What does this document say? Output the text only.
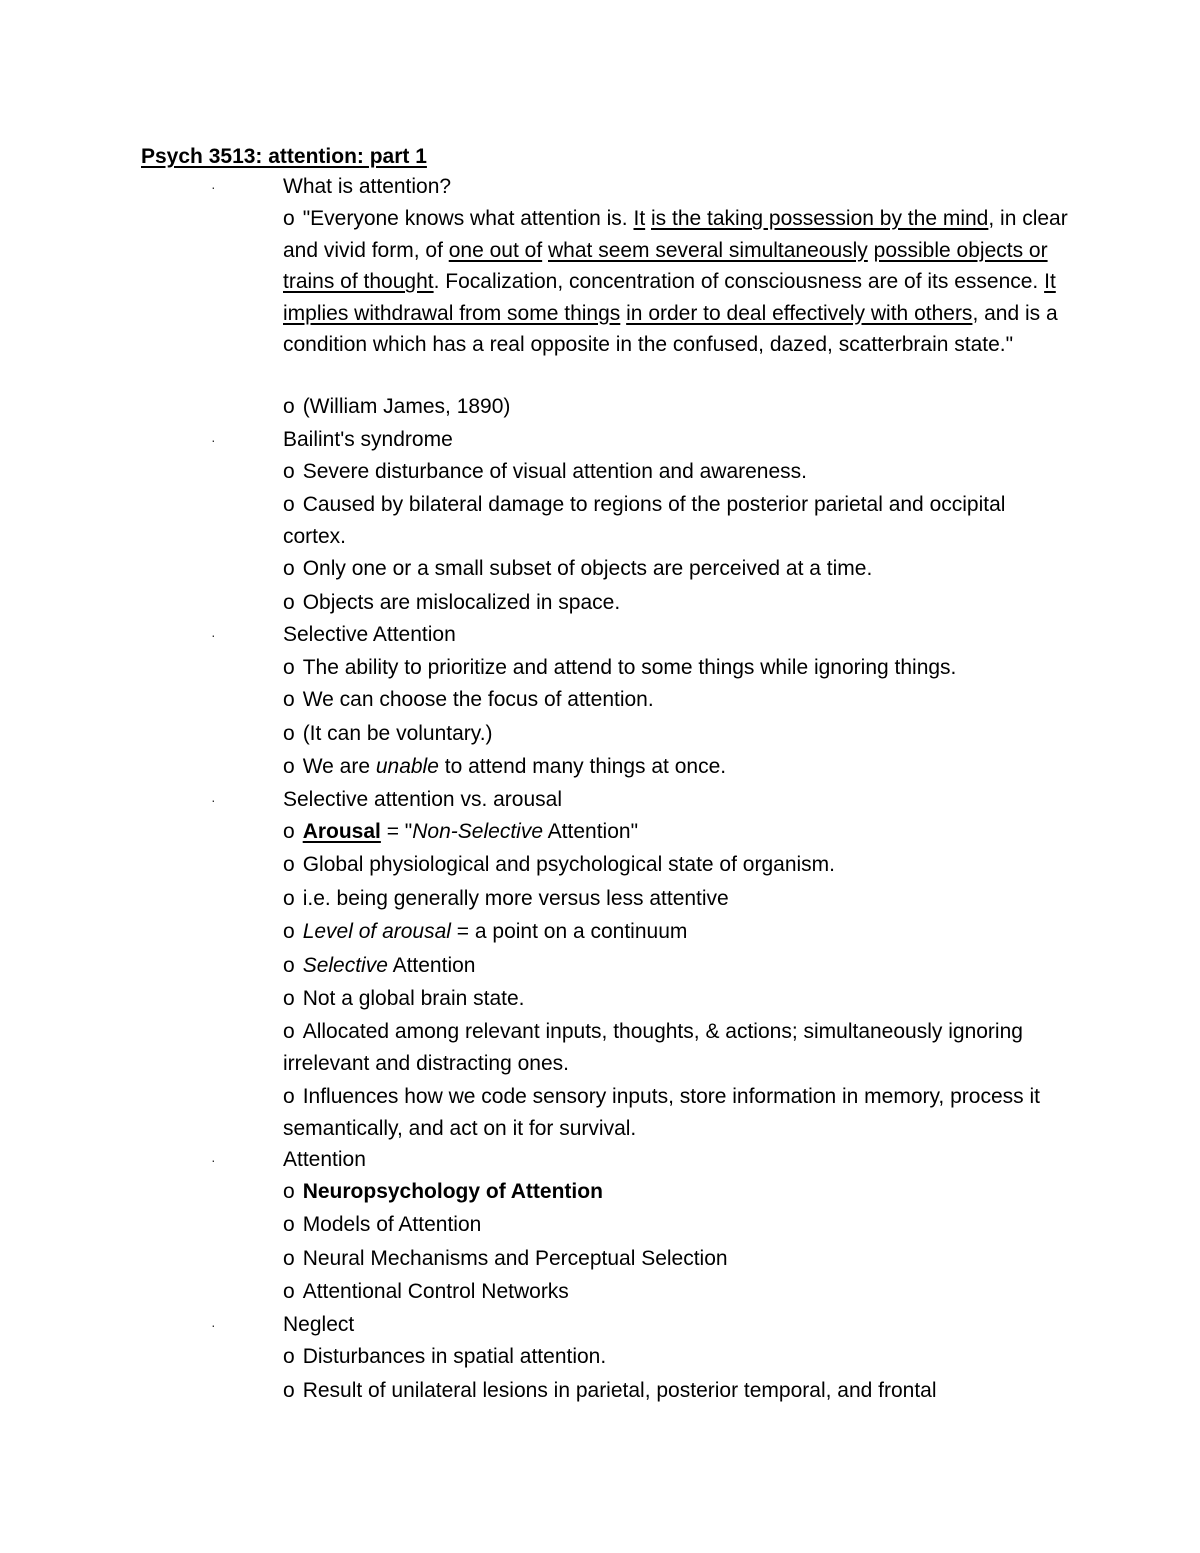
Psych 3513: attention: part 1
·	What is attention?
o "Everyone knows what attention is. It is the taking possession by the mind, in clear and vivid form, of one out of what seem several simultaneously possible objects or trains of thought. Focalization, concentration of consciousness are of its essence. It implies withdrawal from some things in order to deal effectively with others, and is a condition which has a real opposite in the confused, dazed, scatterbrain state."
o (William James, 1890)
·	Bailint's syndrome
o Severe disturbance of visual attention and awareness.
o Caused by bilateral damage to regions of the posterior parietal and occipital cortex.
o Only one or a small subset of objects are perceived at a time.
o Objects are mislocalized in space.
·	Selective Attention
o The ability to prioritize and attend to some things while ignoring things.
o We can choose the focus of attention.
o (It can be voluntary.)
o We are unable to attend many things at once.
·	Selective attention vs. arousal
o Arousal = "Non-Selective Attention"
o Global physiological and psychological state of organism.
o i.e. being generally more versus less attentive
o Level of arousal = a point on a continuum
o Selective Attention
o Not a global brain state.
o Allocated among relevant inputs, thoughts, & actions; simultaneously ignoring irrelevant and distracting ones.
o Influences how we code sensory inputs, store information in memory, process it semantically, and act on it for survival.
·	Attention
o Neuropsychology of Attention
o Models of Attention
o Neural Mechanisms and Perceptual Selection
o Attentional Control Networks
·	Neglect
o Disturbances in spatial attention.
o Result of unilateral lesions in parietal, posterior temporal, and frontal
